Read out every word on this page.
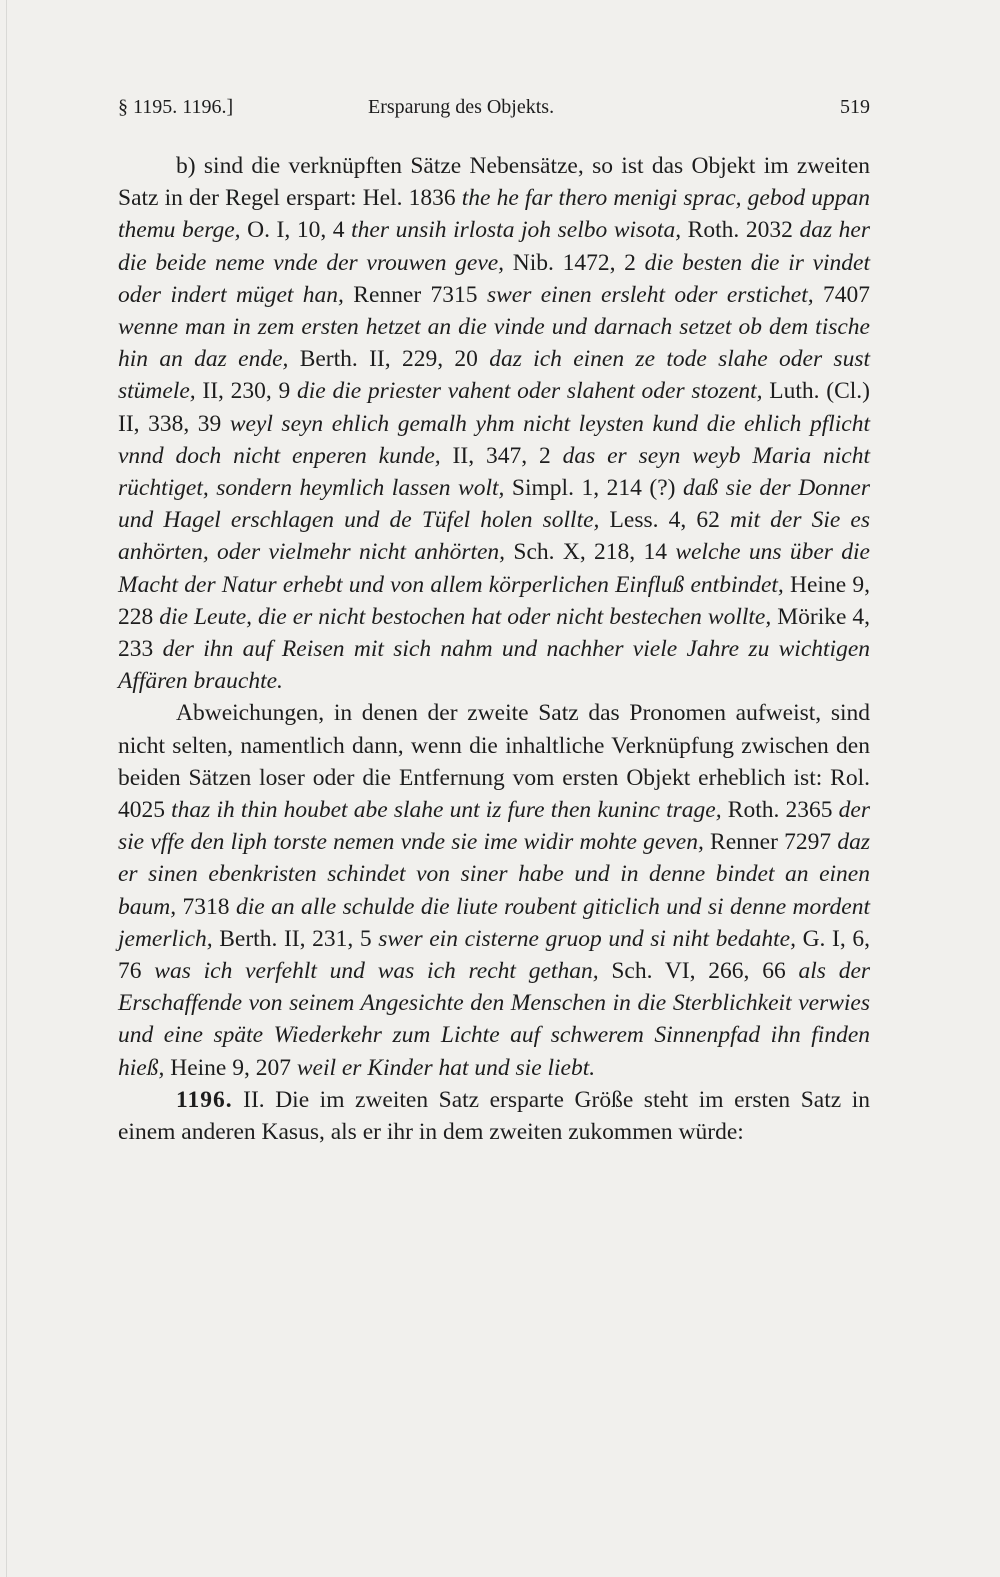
§ 1195. 1196.]	Ersparung des Objekts.	519

b) sind die verknüpften Sätze Nebensätze, so ist das Objekt im zweiten Satz in der Regel erspart: Hel. 1836 the he far thero menigi sprac, gebod uppan themu berge, O. I, 10, 4 ther unsih irlosta joh selbo wisota, Roth. 2032 daz her die beide neme vnde der vrouwen geve, Nib. 1472, 2 die besten die ir vindet oder indert müget han, Renner 7315 swer einen ersleht oder erstichet, 7407 wenne man in zem ersten hetzet an die vinde und darnach setzet ob dem tische hin an daz ende, Berth. II, 229, 20 daz ich einen ze tode slahe oder sust stümele, II, 230, 9 die die priester vahent oder slahent oder stozent, Luth. (Cl.) II, 338, 39 weyl seyn ehlich gemalh yhm nicht leysten kund die ehlich pflicht vnnd doch nicht enperen kunde, II, 347, 2 das er seyn weyb Maria nicht rüchtiget, sondern heymlich lassen wolt, Simpl. 1, 214 (?) daß sie der Donner und Hagel erschlagen und de Tüfel holen sollte, Less. 4, 62 mit der Sie es anhörten, oder vielmehr nicht anhörten, Sch. X, 218, 14 welche uns über die Macht der Natur erhebt und von allem körperlichen Einfluß entbindet, Heine 9, 228 die Leute, die er nicht bestochen hat oder nicht bestechen wollte, Mörike 4, 233 der ihn auf Reisen mit sich nahm und nachher viele Jahre zu wichtigen Affären brauchte.

Abweichungen, in denen der zweite Satz das Pronomen aufweist, sind nicht selten, namentlich dann, wenn die inhaltliche Verknüpfung zwischen den beiden Sätzen loser oder die Entfernung vom ersten Objekt erheblich ist: Rol. 4025 thaz ih thin houbet abe slahe unt iz fure then kuninc trage, Roth. 2365 der sie vffe den liph torste nemen vnde sie ime widir mohte geven, Renner 7297 daz er sinen ebenkristen schindet von siner habe und in denne bindet an einen baum, 7318 die an alle schulde die liute roubent giticlich und si denne mordent jemerlich, Berth. II, 231, 5 swer ein cisterne gruop und si niht bedahte, G. I, 6, 76 was ich verfehlt und was ich recht gethan, Sch. VI, 266, 66 als der Erschaffende von seinem Angesichte den Menschen in die Sterblichkeit verwies und eine späte Wiederkehr zum Lichte auf schwerem Sinnenpfad ihn finden hieß, Heine 9, 207 weil er Kinder hat und sie liebt.

1196. II. Die im zweiten Satz ersparte Größe steht im ersten Satz in einem anderen Kasus, als er ihr in dem zweiten zukommen würde:
